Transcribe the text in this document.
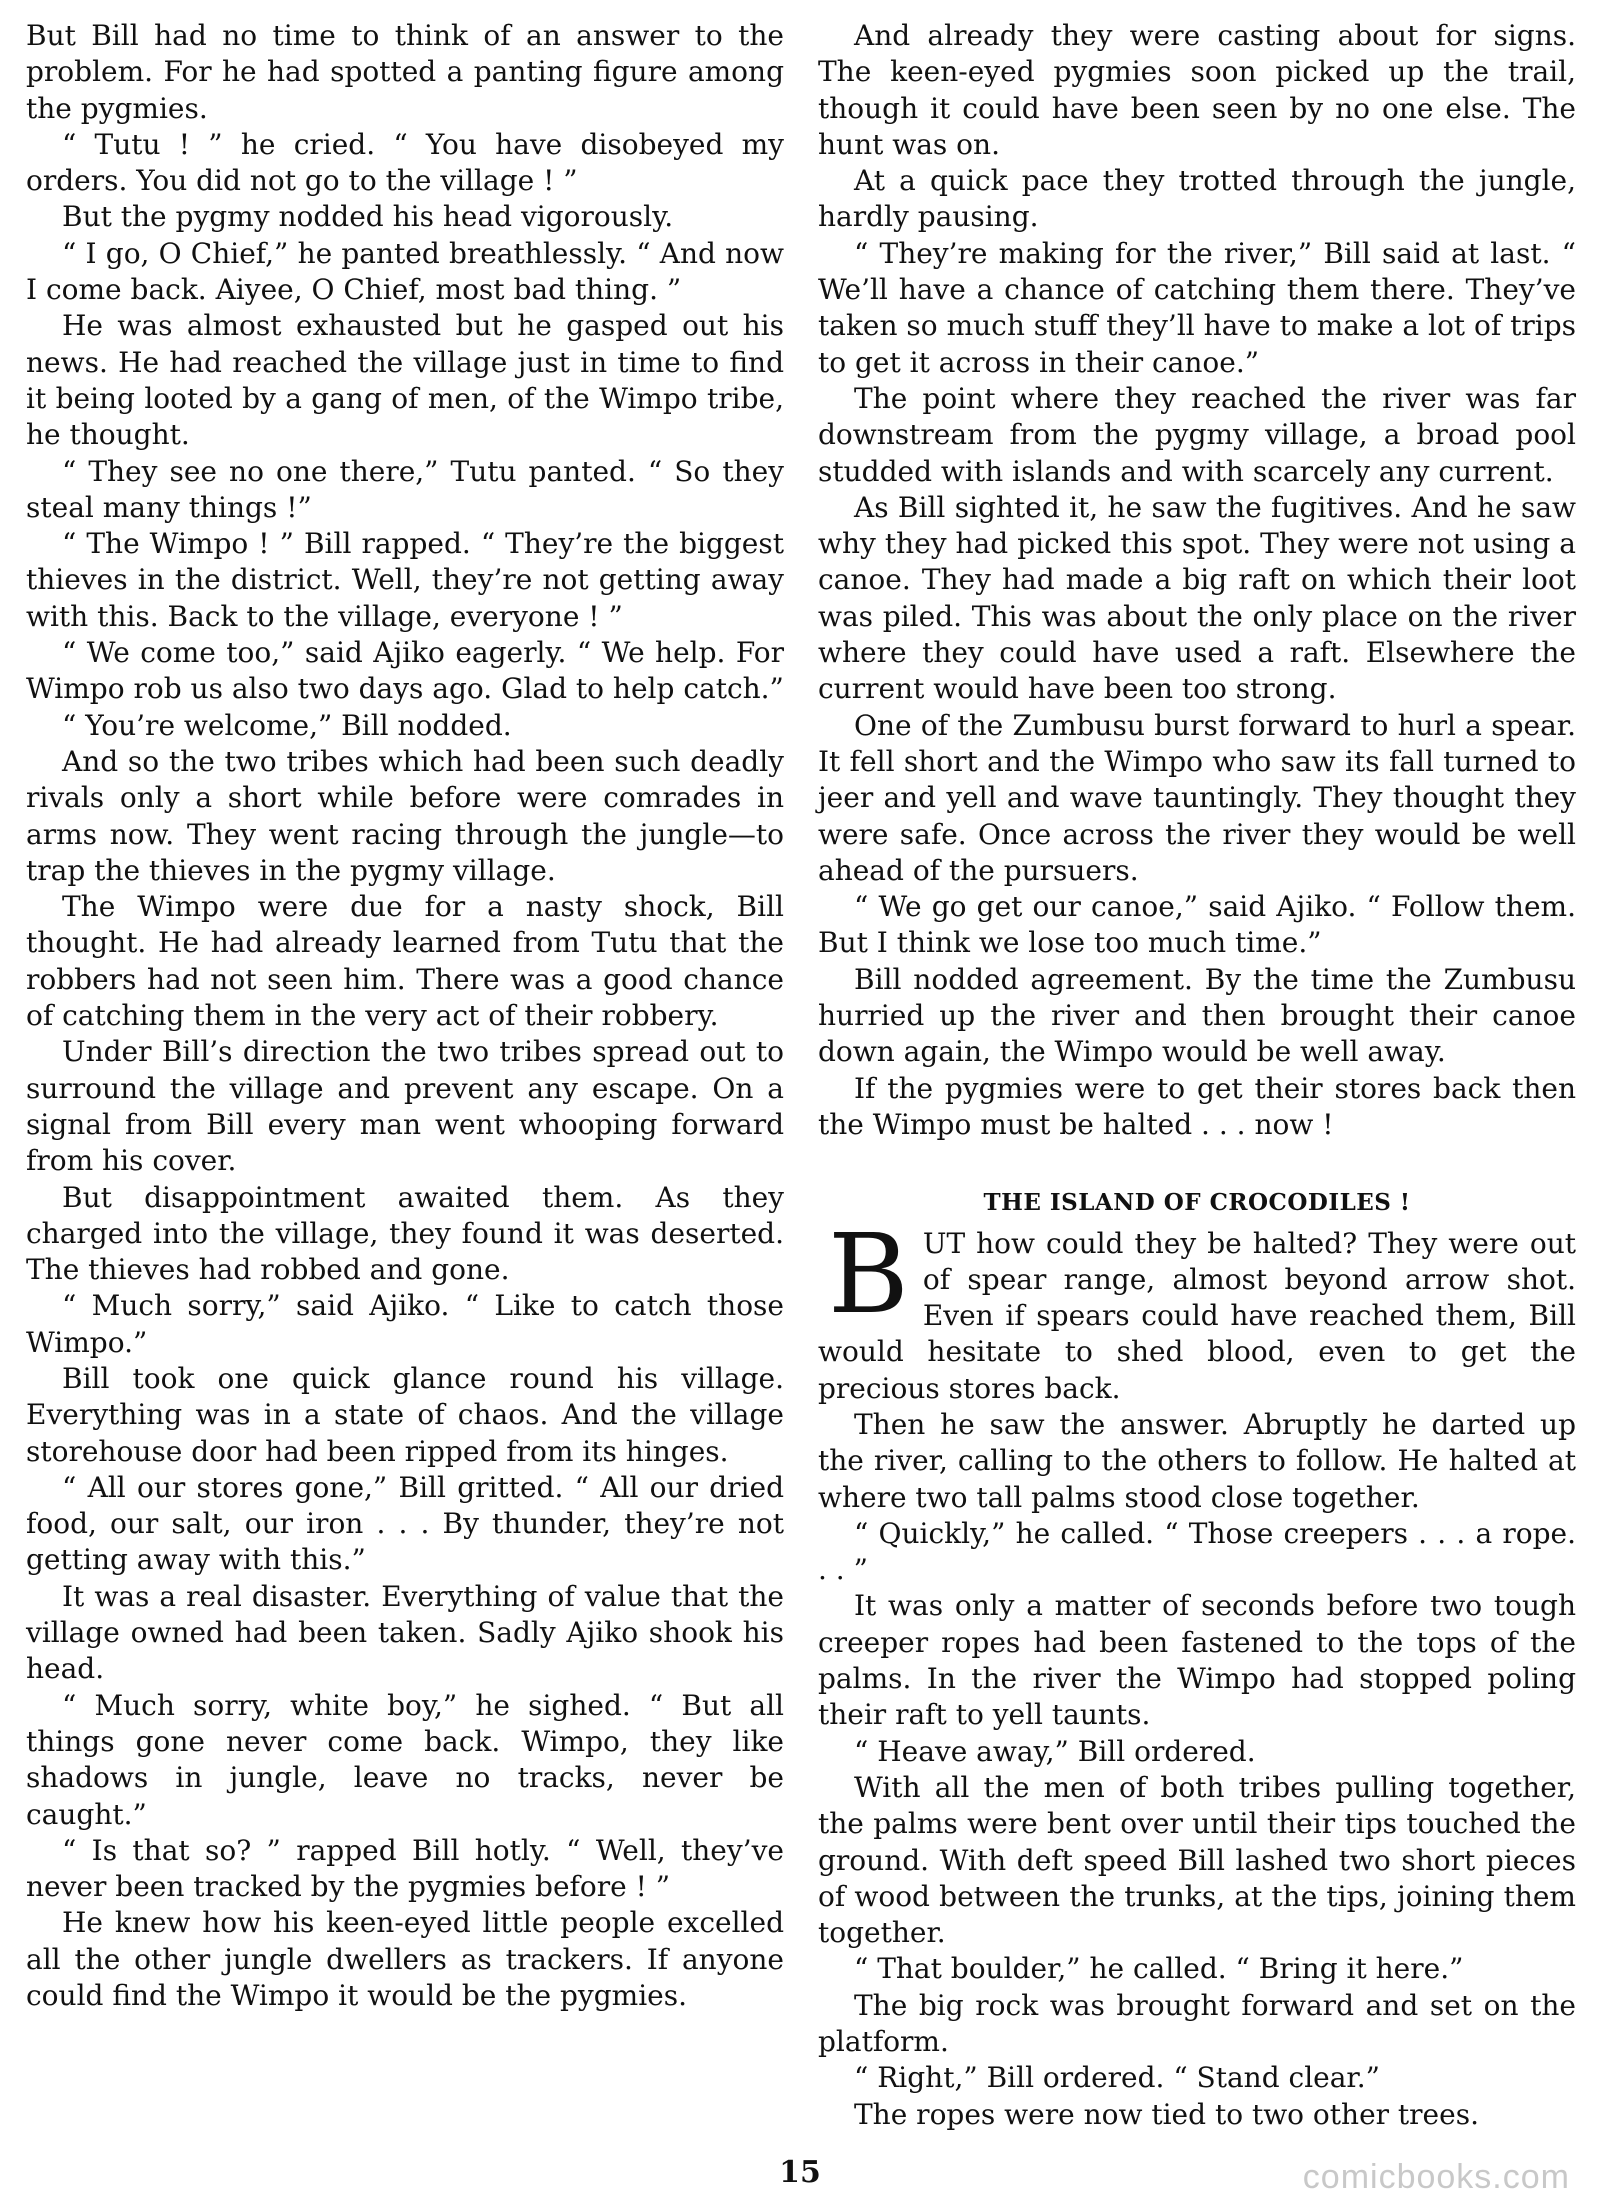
But Bill had no time to think of an answer to the problem. For he had spotted a panting figure among the pygmies.

“ Tutu ! ” he cried. “ You have disobeyed my orders. You did not go to the village ! ”

But the pygmy nodded his head vigorously.

“ I go, O Chief,” he panted breathlessly. “ And now I come back. Aiyee, O Chief, most bad thing. ”

He was almost exhausted but he gasped out his news. He had reached the village just in time to find it being looted by a gang of men, of the Wimpo tribe, he thought.

“ They see no one there,” Tutu panted. “ So they steal many things !”

“ The Wimpo ! ” Bill rapped. “ They’re the biggest thieves in the district. Well, they’re not getting away with this. Back to the village, everyone ! ”

“ We come too,” said Ajiko eagerly. “ We help. For Wimpo rob us also two days ago. Glad to help catch.”

“ You’re welcome,” Bill nodded.

And so the two tribes which had been such deadly rivals only a short while before were comrades in arms now. They went racing through the jungle—to trap the thieves in the pygmy village.

The Wimpo were due for a nasty shock, Bill thought. He had already learned from Tutu that the robbers had not seen him. There was a good chance of catching them in the very act of their robbery.

Under Bill’s direction the two tribes spread out to surround the village and prevent any escape. On a signal from Bill every man went whooping forward from his cover.

But disappointment awaited them. As they charged into the village, they found it was deserted. The thieves had robbed and gone.

“ Much sorry,” said Ajiko. “ Like to catch those Wimpo.”

Bill took one quick glance round his village. Everything was in a state of chaos. And the village storehouse door had been ripped from its hinges.

“ All our stores gone,” Bill gritted. “ All our dried food, our salt, our iron . . . By thunder, they’re not getting away with this.”

It was a real disaster. Everything of value that the village owned had been taken. Sadly Ajiko shook his head.

“ Much sorry, white boy,” he sighed. “ But all things gone never come back. Wimpo, they like shadows in jungle, leave no tracks, never be caught.”

“ Is that so? ” rapped Bill hotly. “ Well, they’ve never been tracked by the pygmies before ! ”

He knew how his keen-eyed little people excelled all the other jungle dwellers as trackers. If anyone could find the Wimpo it would be the pygmies.

And already they were casting about for signs. The keen-eyed pygmies soon picked up the trail, though it could have been seen by no one else. The hunt was on.

At a quick pace they trotted through the jungle, hardly pausing.

“ They’re making for the river,” Bill said at last. “ We’ll have a chance of catching them there. They’ve taken so much stuff they’ll have to make a lot of trips to get it across in their canoe.”

The point where they reached the river was far downstream from the pygmy village, a broad pool studded with islands and with scarcely any current.

As Bill sighted it, he saw the fugitives. And he saw why they had picked this spot. They were not using a canoe. They had made a big raft on which their loot was piled. This was about the only place on the river where they could have used a raft. Elsewhere the current would have been too strong.

One of the Zumbusu burst forward to hurl a spear. It fell short and the Wimpo who saw its fall turned to jeer and yell and wave tauntingly. They thought they were safe. Once across the river they would be well ahead of the pursuers.

“ We go get our canoe,” said Ajiko. “ Follow them. But I think we lose too much time.”

Bill nodded agreement. By the time the Zumbusu hurried up the river and then brought their canoe down again, the Wimpo would be well away.

If the pygmies were to get their stores back then the Wimpo must be halted . . . now !

THE ISLAND OF CROCODILES !

BUT how could they be halted? They were out of spear range, almost beyond arrow shot. Even if spears could have reached them, Bill would hesitate to shed blood, even to get the precious stores back.

Then he saw the answer. Abruptly he darted up the river, calling to the others to follow. He halted at where two tall palms stood close together.

“ Quickly,” he called. “ Those creepers . . . a rope. . . ”

It was only a matter of seconds before two tough creeper ropes had been fastened to the tops of the palms. In the river the Wimpo had stopped poling their raft to yell taunts.

“ Heave away,” Bill ordered.

With all the men of both tribes pulling together, the palms were bent over until their tips touched the ground. With deft speed Bill lashed two short pieces of wood between the trunks, at the tips, joining them together.

“ That boulder,” he called. “ Bring it here.”

The big rock was brought forward and set on the platform.

“ Right,” Bill ordered. “ Stand clear.”

The ropes were now tied to two other trees.

15	comicbooks.com
